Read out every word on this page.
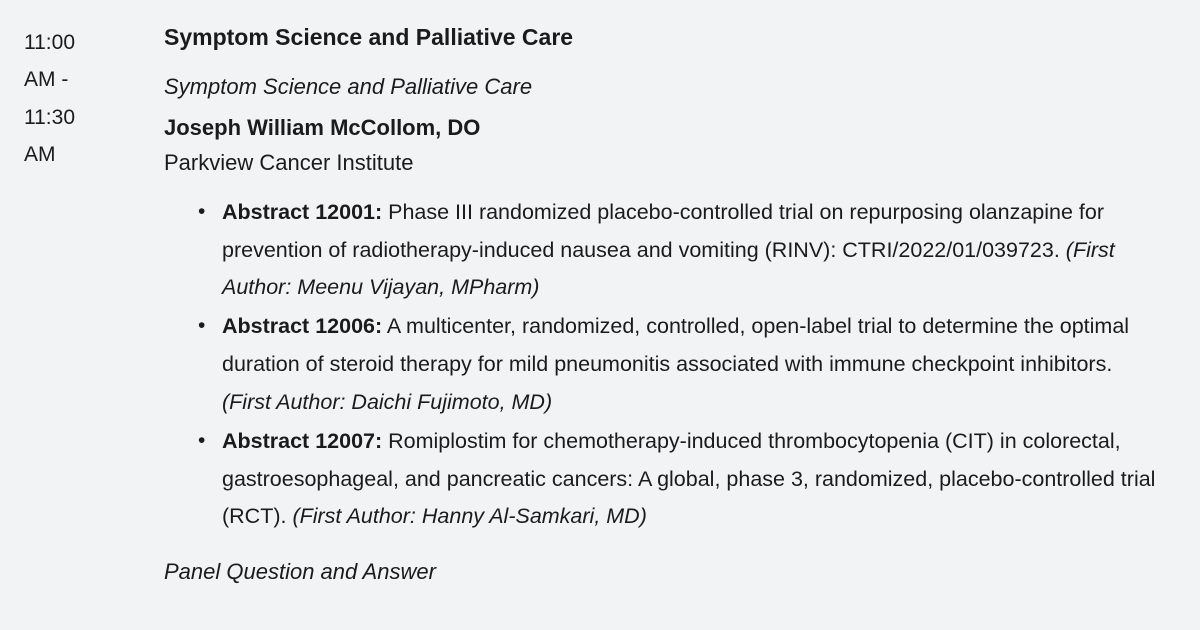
11:00
AM -
11:30
AM
Symptom Science and Palliative Care
Symptom Science and Palliative Care
Joseph William McCollom, DO
Parkview Cancer Institute
• Abstract 12001: Phase III randomized placebo-controlled trial on repurposing olanzapine for prevention of radiotherapy-induced nausea and vomiting (RINV): CTRI/2022/01/039723. (First Author: Meenu Vijayan, MPharm)
• Abstract 12006: A multicenter, randomized, controlled, open-label trial to determine the optimal duration of steroid therapy for mild pneumonitis associated with immune checkpoint inhibitors. (First Author: Daichi Fujimoto, MD)
• Abstract 12007: Romiplostim for chemotherapy-induced thrombocytopenia (CIT) in colorectal, gastroesophageal, and pancreatic cancers: A global, phase 3, randomized, placebo-controlled trial (RCT). (First Author: Hanny Al-Samkari, MD)
Panel Question and Answer
